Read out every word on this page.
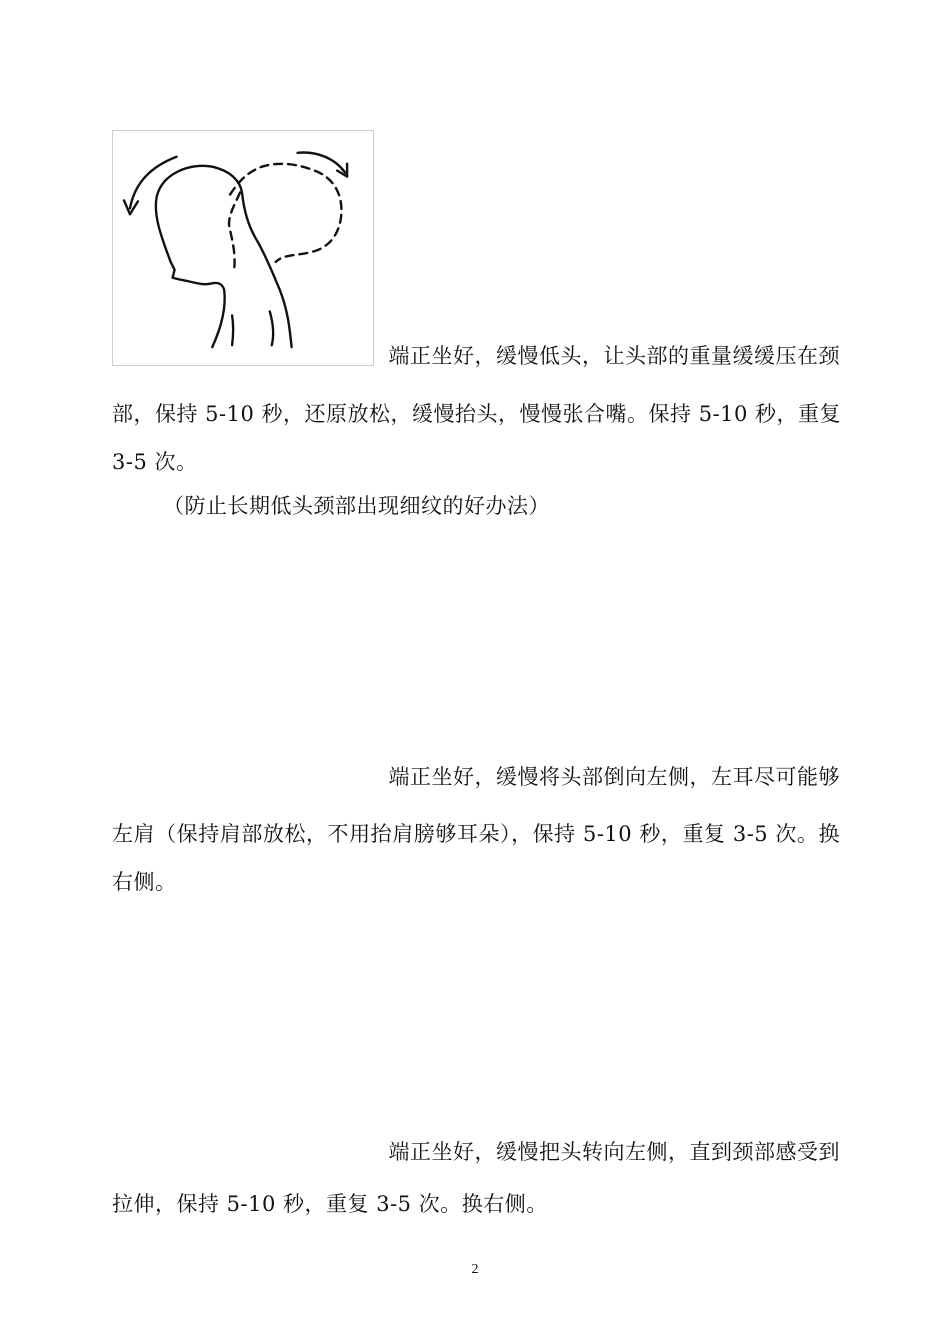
端正坐好，缓慢低头，让头部的重量缓缓压在颈
部，保持 5-10 秒，还原放松，缓慢抬头，慢慢张合嘴。保持 5-10 秒，重复
3-5 次。
（防止长期低头颈部出现细纹的好办法）
端正坐好，缓慢将头部倒向左侧，左耳尽可能够
左肩（保持肩部放松，不用抬肩膀够耳朵），保持 5-10 秒，重复 3-5 次。换
右侧。
端正坐好，缓慢把头转向左侧，直到颈部感受到
拉伸，保持 5-10 秒，重复 3-5 次。换右侧。
2
